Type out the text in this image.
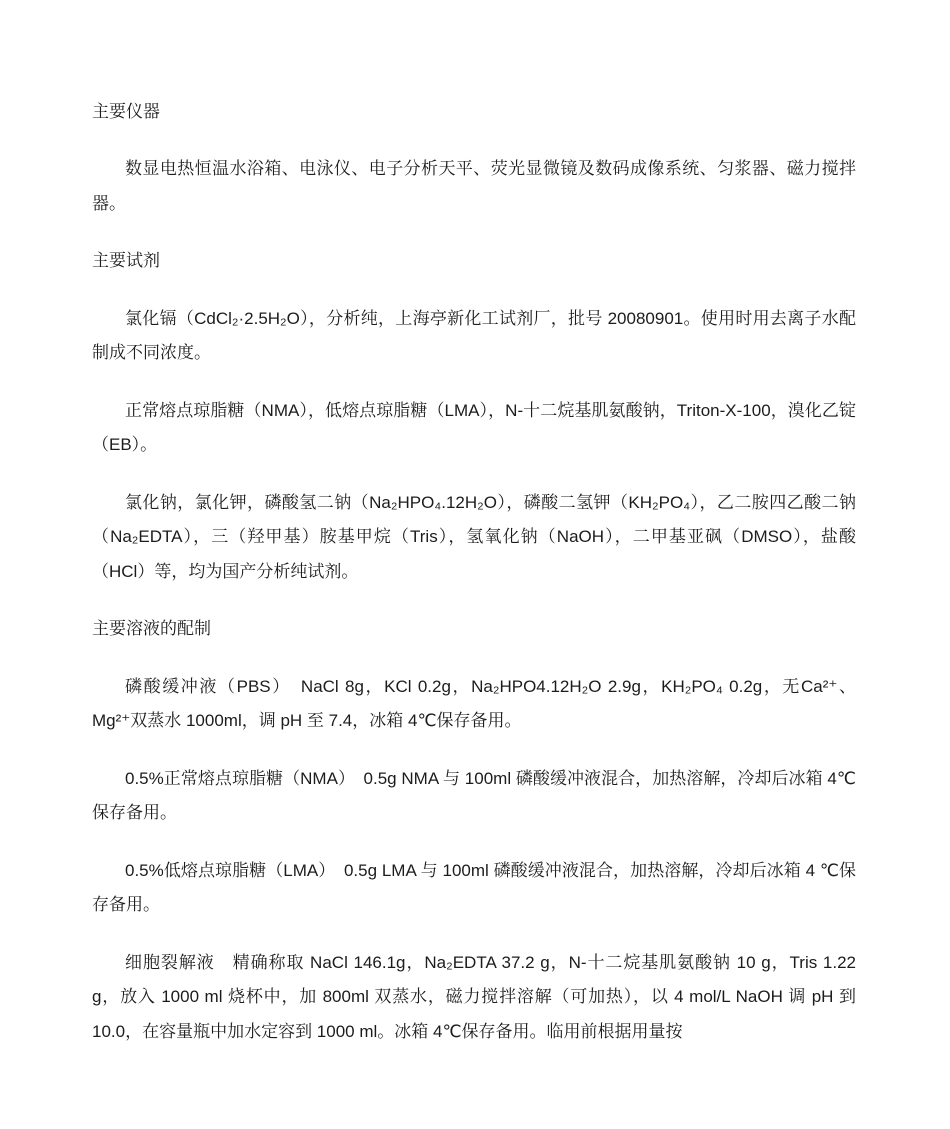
主要仪器

数显电热恒温水浴箱、电泳仪、电子分析天平、荧光显微镜及数码成像系统、匀浆器、磁力搅拌器。

主要试剂

氯化镉（CdCl₂·2.5H₂O），分析纯，上海亭新化工试剂厂，批号 20080901。使用时用去离子水配制成不同浓度。

正常熔点琼脂糖（NMA），低熔点琼脂糖（LMA），N-十二烷基肌氨酸钠，Triton-X-100，溴化乙锭（EB）。

氯化钠，氯化钾，磷酸氢二钠（Na₂HPO₄.12H₂O），磷酸二氢钾（KH₂PO₄），乙二胺四乙酸二钠（Na₂EDTA），三（羟甲基）胺基甲烷（Tris），氢氧化钠（NaOH），二甲基亚砜（DMSO），盐酸（HCl）等，均为国产分析纯试剂。

主要溶液的配制

磷酸缓冲液（PBS）　NaCl 8g，KCl 0.2g，Na₂HPO4.12H₂O 2.9g，KH₂PO₄ 0.2g，无Ca²⁺、Mg²⁺双蒸水 1000ml，调 pH 至 7.4，冰箱 4℃保存备用。

0.5%正常熔点琼脂糖（NMA）　0.5g NMA 与 100ml 磷酸缓冲液混合，加热溶解，冷却后冰箱 4℃保存备用。

0.5%低熔点琼脂糖（LMA）　0.5g LMA 与 100ml 磷酸缓冲液混合，加热溶解，冷却后冰箱 4 ℃保存备用。

细胞裂解液　精确称取 NaCl 146.1g，Na₂EDTA 37.2 g，N-十二烷基肌氨酸钠 10 g，Tris 1.22 g，放入 1000 ml 烧杯中，加 800ml 双蒸水，磁力搅拌溶解（可加热），以 4 mol/L NaOH 调 pH 到 10.0，在容量瓶中加水定容到 1000 ml。冰箱 4℃保存备用。临用前根据用量按
